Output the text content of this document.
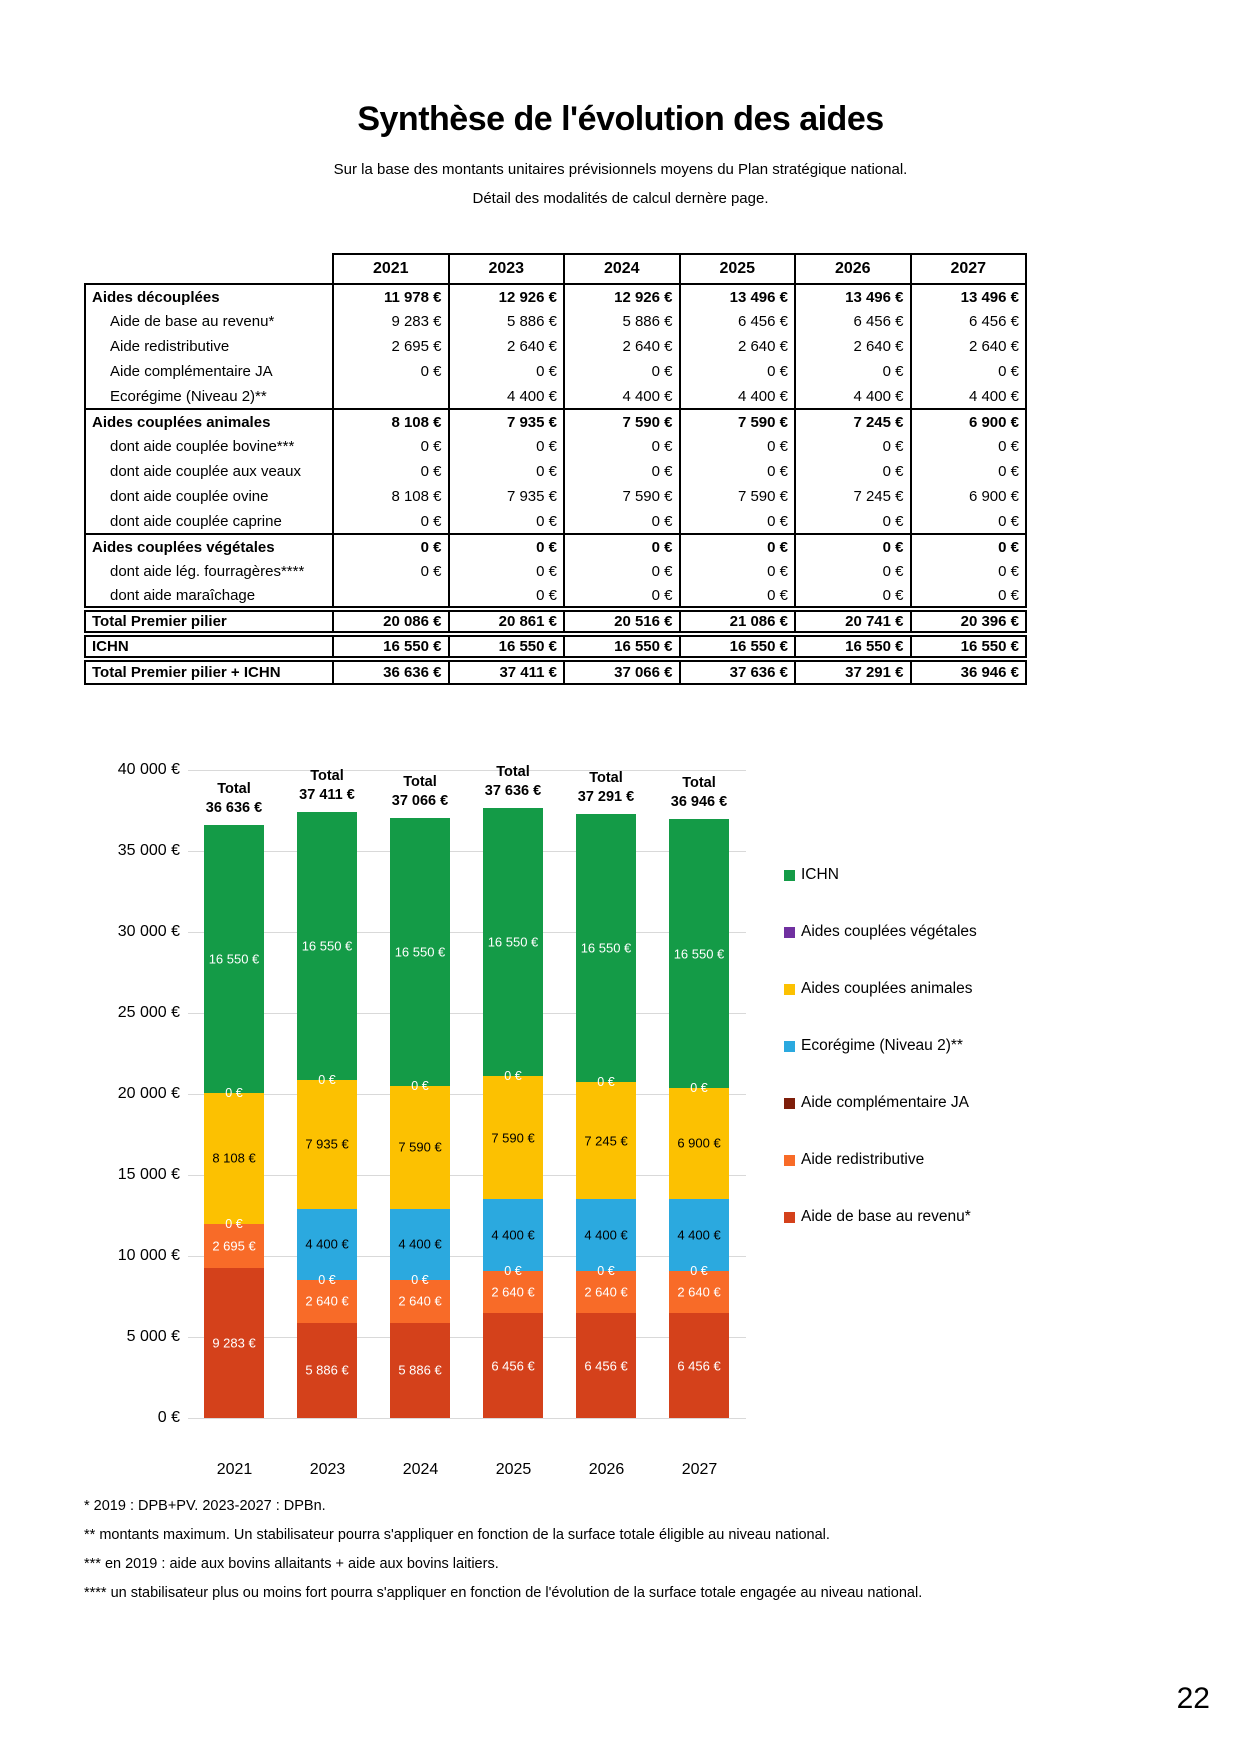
Synthèse de l'évolution des aides
Sur la base des montants unitaires prévisionnels moyens du Plan stratégique national.
Détail des modalités de calcul dernère page.
	2021	2023	2024	2025	2026	2027
Aides découplées	11 978 €	12 926 €	12 926 €	13 496 €	13 496 €	13 496 €
Aide de base au revenu*	9 283 €	5 886 €	5 886 €	6 456 €	6 456 €	6 456 €
Aide redistributive	2 695 €	2 640 €	2 640 €	2 640 €	2 640 €	2 640 €
Aide complémentaire JA	0 €	0 €	0 €	0 €	0 €	0 €
Ecorégime (Niveau 2)**		4 400 €	4 400 €	4 400 €	4 400 €	4 400 €
Aides couplées animales	8 108 €	7 935 €	7 590 €	7 590 €	7 245 €	6 900 €
dont aide couplée bovine***	0 €	0 €	0 €	0 €	0 €	0 €
dont aide couplée aux veaux	0 €	0 €	0 €	0 €	0 €	0 €
dont aide couplée ovine	8 108 €	7 935 €	7 590 €	7 590 €	7 245 €	6 900 €
dont aide couplée caprine	0 €	0 €	0 €	0 €	0 €	0 €
Aides couplées végétales	0 €	0 €	0 €	0 €	0 €	0 €
dont aide lég. fourragères****	0 €	0 €	0 €	0 €	0 €	0 €
dont aide maraîchage		0 €	0 €	0 €	0 €	0 €
Total Premier pilier	20 086 €	20 861 €	20 516 €	21 086 €	20 741 €	20 396 €
ICHN	16 550 €	16 550 €	16 550 €	16 550 €	16 550 €	16 550 €
Total Premier pilier + ICHN	36 636 €	37 411 €	37 066 €	37 636 €	37 291 €	36 946 €
40 000 €
35 000 €
30 000 €
25 000 €
20 000 €
15 000 €
10 000 €
5 000 €
0 €
9 283 €
2 695 €
0 €
8 108 €
0 €
16 550 €
Total
36 636 €
2021
5 886 €
2 640 €
0 €
4 400 €
7 935 €
0 €
16 550 €
Total
37 411 €
2023
5 886 €
2 640 €
0 €
4 400 €
7 590 €
0 €
16 550 €
Total
37 066 €
2024
6 456 €
2 640 €
0 €
4 400 €
7 590 €
0 €
16 550 €
Total
37 636 €
2025
6 456 €
2 640 €
0 €
4 400 €
7 245 €
0 €
16 550 €
Total
37 291 €
2026
6 456 €
2 640 €
0 €
4 400 €
6 900 €
0 €
16 550 €
Total
36 946 €
2027
ICHN
Aides couplées végétales
Aides couplées animales
Ecorégime (Niveau 2)**
Aide complémentaire JA
Aide redistributive
Aide de base au revenu*
* 2019 : DPB+PV. 2023-2027 : DPBn.
** montants maximum. Un stabilisateur pourra s'appliquer en fonction de la surface totale éligible au niveau national.
*** en 2019 : aide aux bovins allaitants + aide aux bovins laitiers.
**** un stabilisateur plus ou moins fort pourra s'appliquer en fonction de l'évolution de la surface totale engagée au niveau national.
22
